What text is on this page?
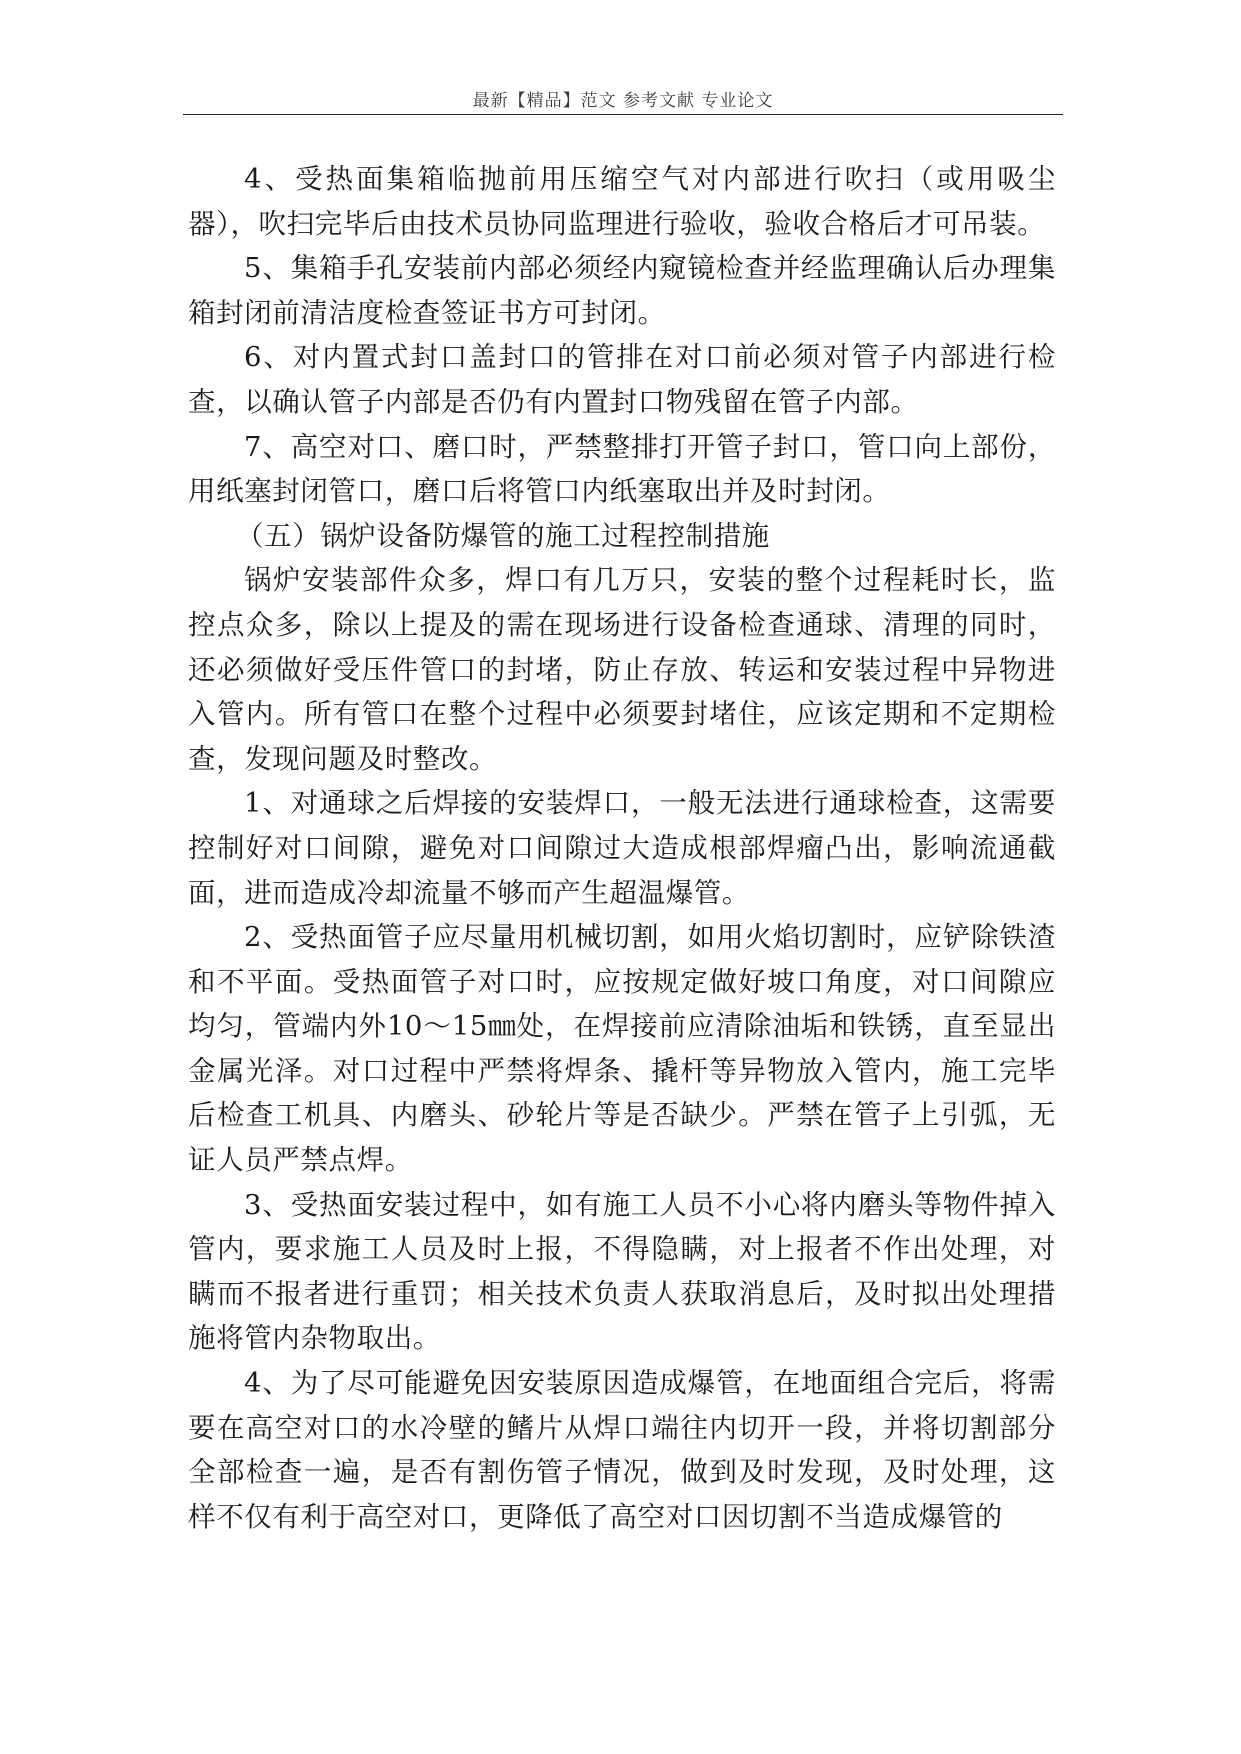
最新【精品】范文 参考文献 专业论文

4、受热面集箱临抛前用压缩空气对内部进行吹扫（或用吸尘器），吹扫完毕后由技术员协同监理进行验收，验收合格后才可吊装。

5、集箱手孔安装前内部必须经内窥镜检查并经监理确认后办理集箱封闭前清洁度检查签证书方可封闭。

6、对内置式封口盖封口的管排在对口前必须对管子内部进行检查，以确认管子内部是否仍有内置封口物残留在管子内部。

7、高空对口、磨口时，严禁整排打开管子封口，管口向上部份，用纸塞封闭管口，磨口后将管口内纸塞取出并及时封闭。

（五）锅炉设备防爆管的施工过程控制措施

锅炉安装部件众多，焊口有几万只，安装的整个过程耗时长，监控点众多，除以上提及的需在现场进行设备检查通球、清理的同时，还必须做好受压件管口的封堵，防止存放、转运和安装过程中异物进入管内。所有管口在整个过程中必须要封堵住，应该定期和不定期检查，发现问题及时整改。

1、对通球之后焊接的安装焊口，一般无法进行通球检查，这需要控制好对口间隙，避免对口间隙过大造成根部焊瘤凸出，影响流通截面，进而造成冷却流量不够而产生超温爆管。

2、受热面管子应尽量用机械切割，如用火焰切割时，应铲除铁渣和不平面。受热面管子对口时，应按规定做好坡口角度，对口间隙应均匀，管端内外10～15㎜处，在焊接前应清除油垢和铁锈，直至显出金属光泽。对口过程中严禁将焊条、撬杆等异物放入管内，施工完毕后检查工机具、内磨头、砂轮片等是否缺少。严禁在管子上引弧，无证人员严禁点焊。

3、受热面安装过程中，如有施工人员不小心将内磨头等物件掉入管内，要求施工人员及时上报，不得隐瞒，对上报者不作出处理，对瞒而不报者进行重罚；相关技术负责人获取消息后，及时拟出处理措施将管内杂物取出。

4、为了尽可能避免因安装原因造成爆管，在地面组合完后，将需要在高空对口的水冷壁的鳍片从焊口端往内切开一段，并将切割部分全部检查一遍，是否有割伤管子情况，做到及时发现，及时处理，这样不仅有利于高空对口，更降低了高空对口因切割不当造成爆管的
